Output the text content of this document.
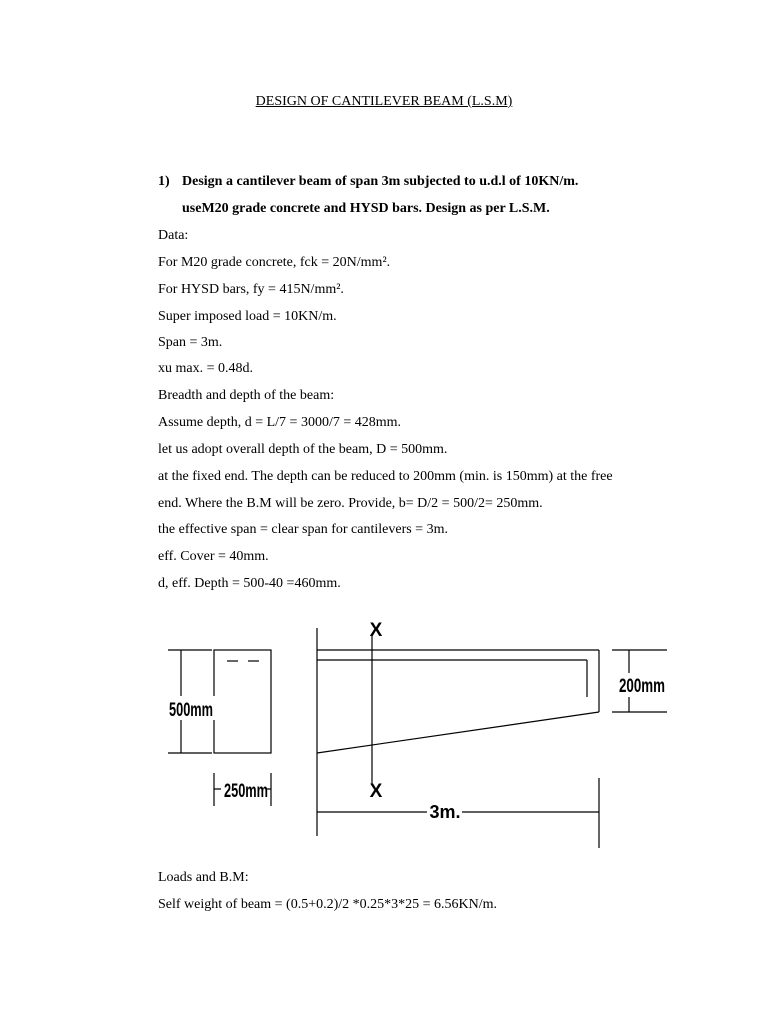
DESIGN OF CANTILEVER BEAM (L.S.M)
1) Design a cantilever beam of span 3m subjected to u.d.l of 10KN/m.
useM20 grade concrete and HYSD bars. Design as per L.S.M.
Data:
For M20 grade concrete, fck = 20N/mm².
For HYSD bars, fy = 415N/mm².
Super imposed load = 10KN/m.
Span = 3m.
xu max. = 0.48d.
Breadth and depth of the beam:
Assume depth, d = L/7 = 3000/7 = 428mm.
let us adopt overall depth of the beam, D = 500mm.
at the fixed end. The depth can be reduced to 200mm (min. is 150mm) at the free
end. Where the B.M will be zero. Provide, b= D/2 = 500/2= 250mm.
the effective span = clear span for cantilevers = 3m.
eff. Cover = 40mm.
d, eff. Depth = 500-40 =460mm.
500mm
250mm
X
X
200mm
3m.
Loads and B.M:
Self weight of beam = (0.5+0.2)/2 *0.25*3*25 = 6.56KN/m.
